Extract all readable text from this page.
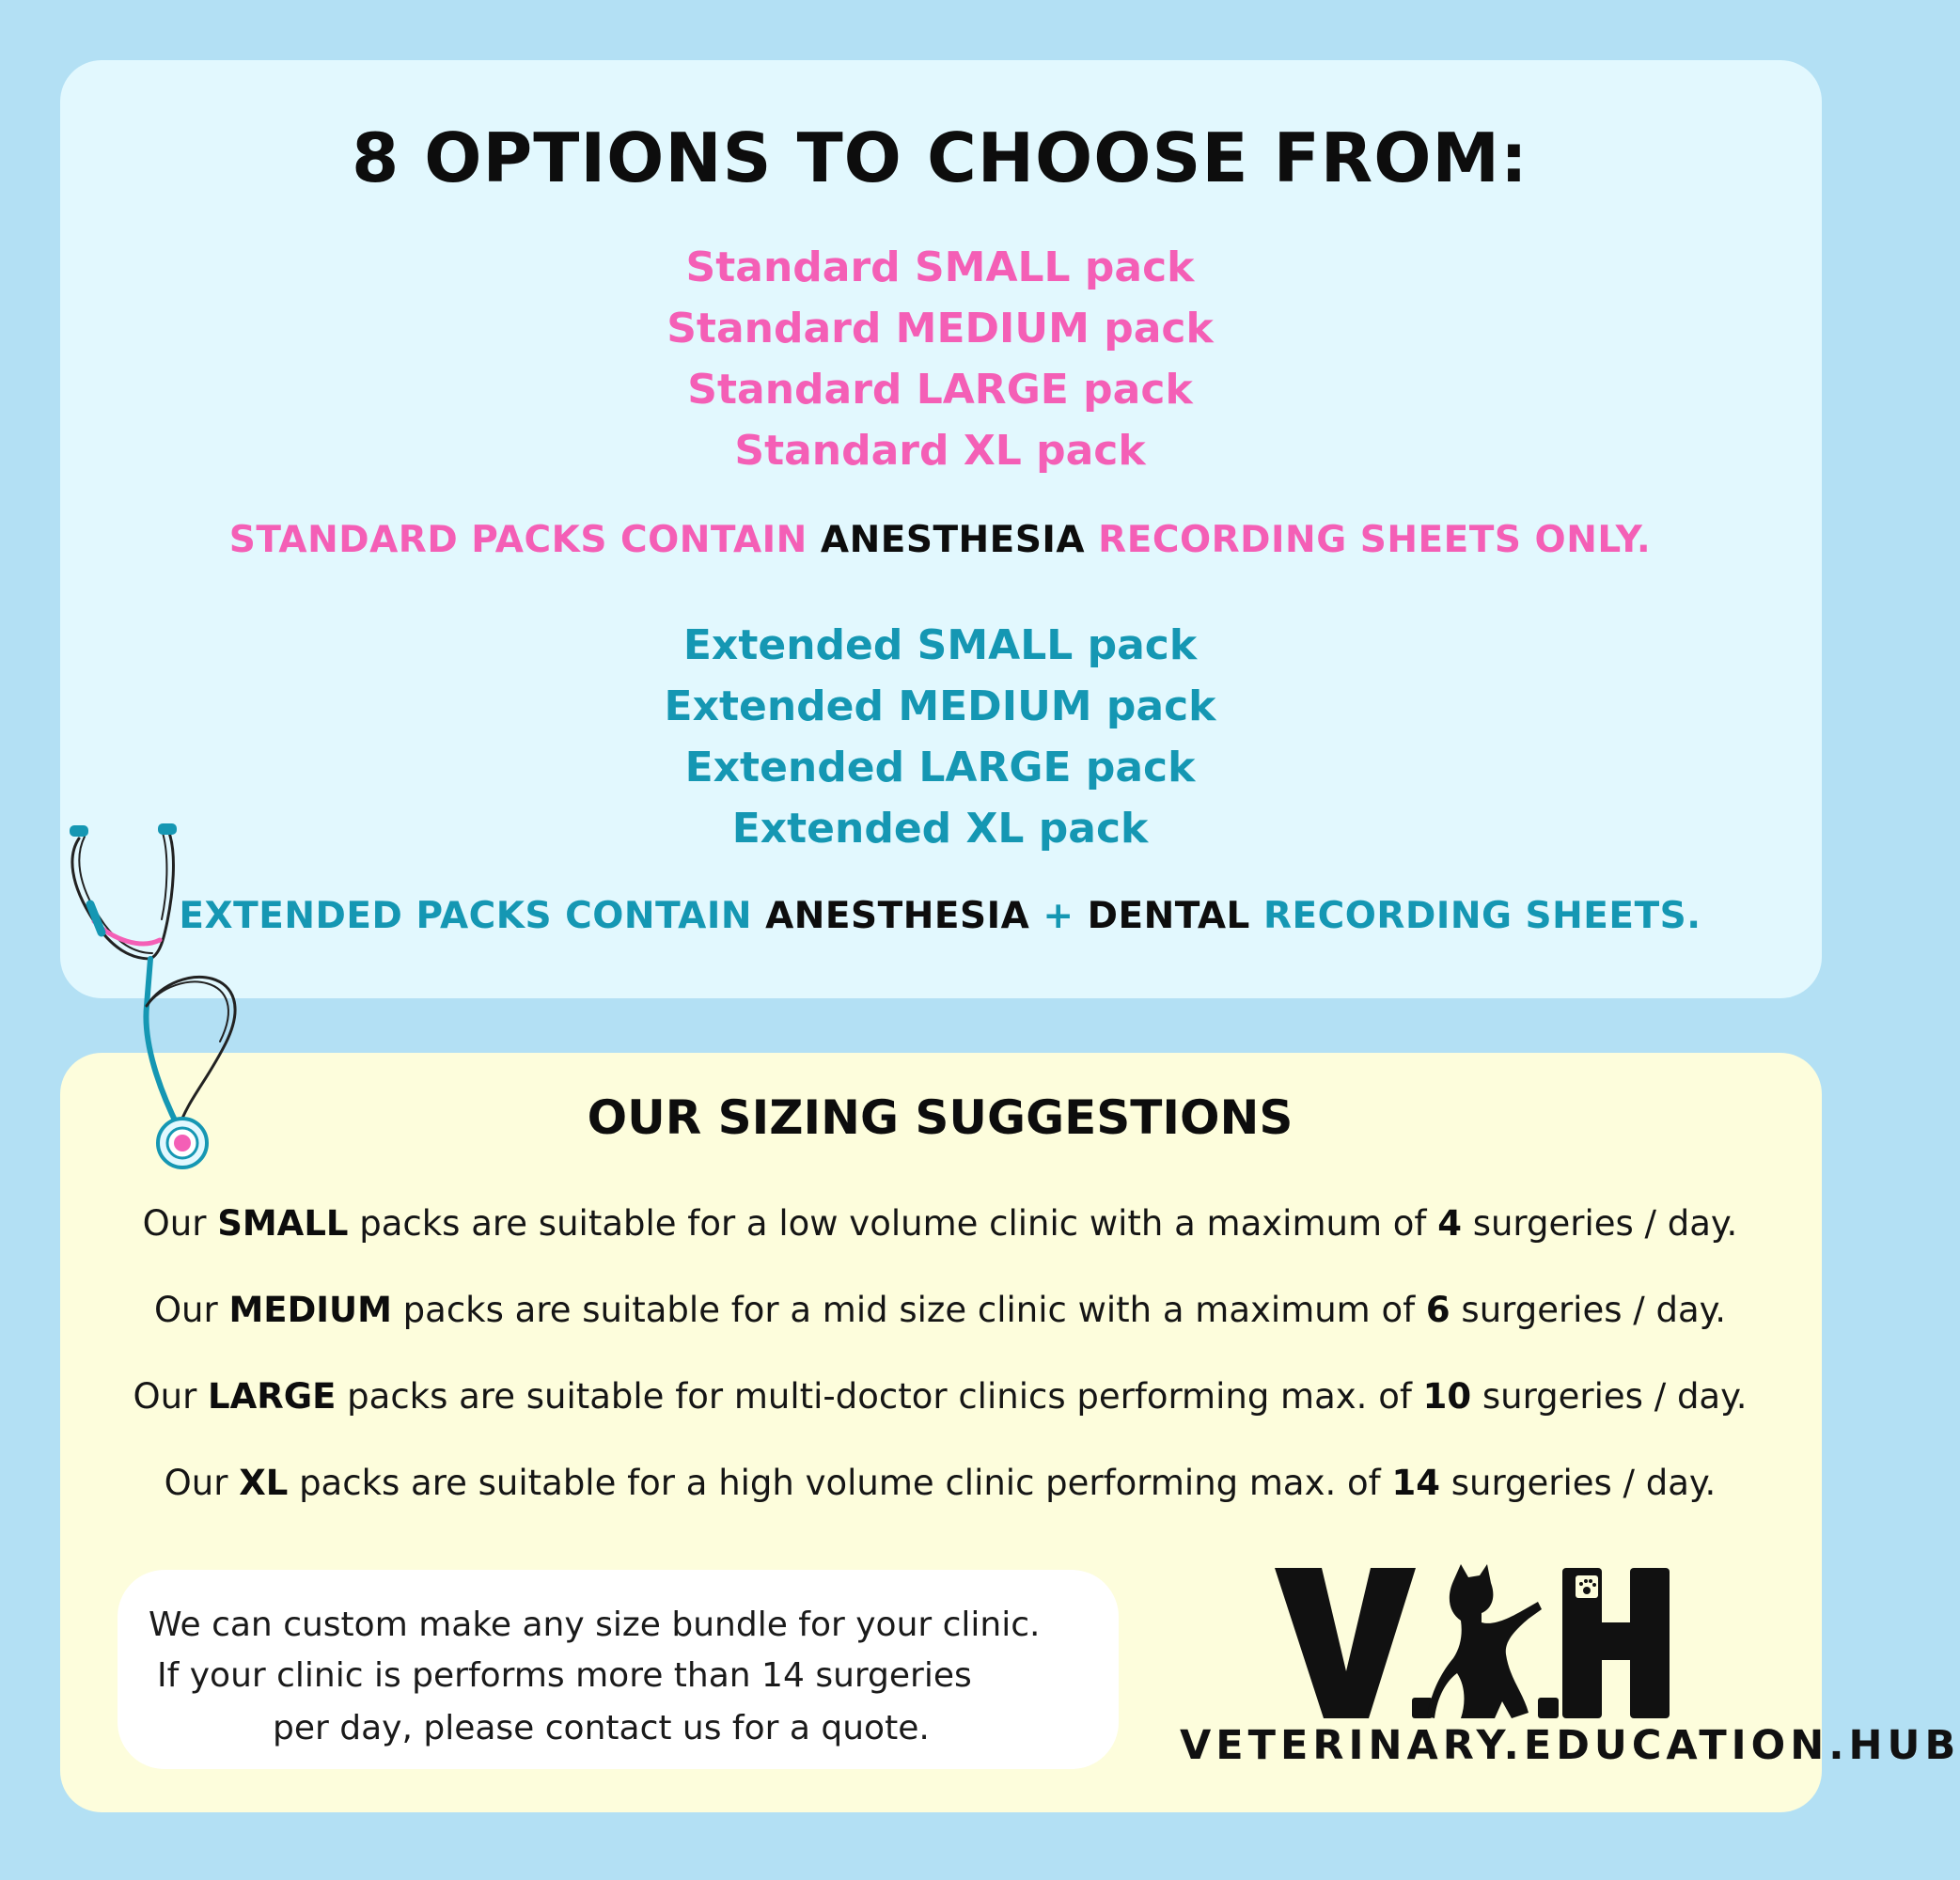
8 OPTIONS TO CHOOSE FROM:
Standard SMALL pack
Standard MEDIUM pack
Standard LARGE pack
Standard XL pack
STANDARD PACKS CONTAIN ANESTHESIA RECORDING SHEETS ONLY.
Extended SMALL pack
Extended MEDIUM pack
Extended LARGE pack
Extended XL pack
EXTENDED PACKS CONTAIN ANESTHESIA + DENTAL RECORDING SHEETS.
OUR SIZING SUGGESTIONS
Our SMALL packs are suitable for a low volume clinic with a maximum of 4 surgeries / day.
Our MEDIUM packs are suitable for a mid size clinic with a maximum of 6 surgeries / day.
Our LARGE packs are suitable for multi-doctor clinics performing max. of 10 surgeries / day.
Our XL packs are suitable for a high volume clinic performing max. of 14 surgeries / day.
We can custom make any size bundle for your clinic.
If your clinic is performs more than 14 surgeries
per day, please contact us for a quote.	VETERINARY.EDUCATION.HUB
